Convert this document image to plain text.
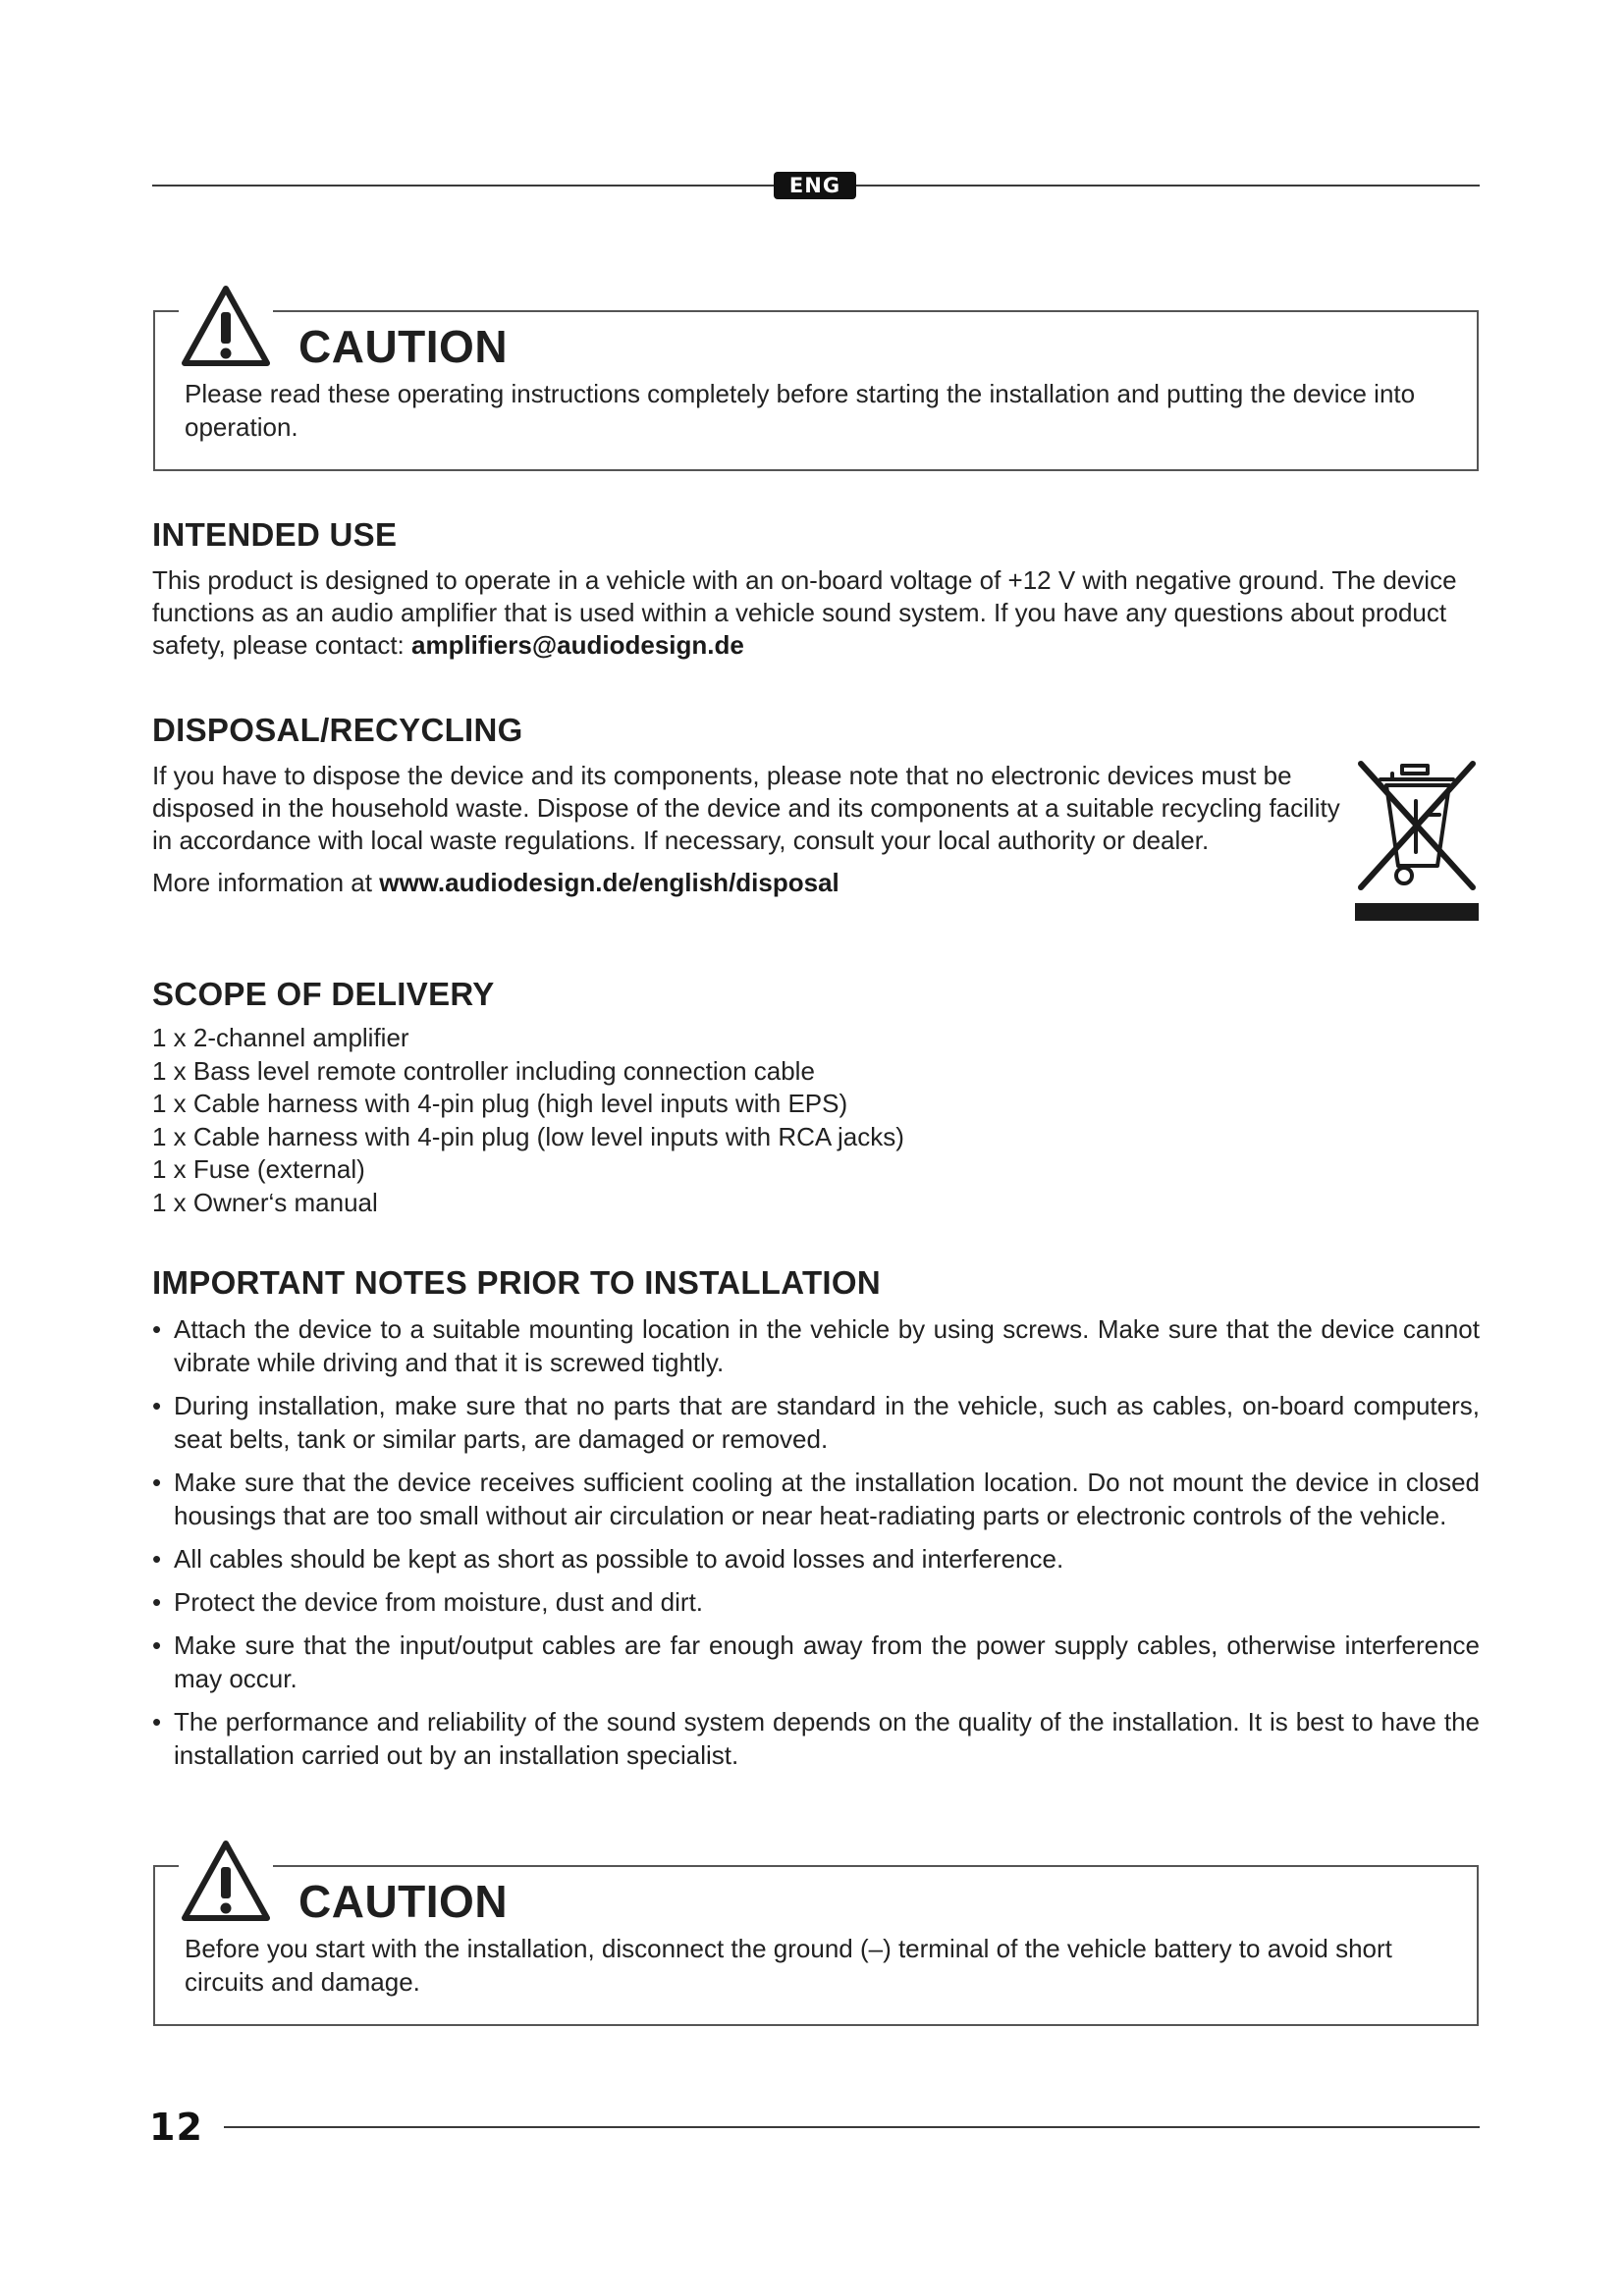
ENG
CAUTION
Please read these operating instructions completely before starting the installation and putting the device into operation.
INTENDED USE

This product is designed to operate in a vehicle with an on-board voltage of +12 V with negative ground. The device functions as an audio amplifier that is used within a vehicle sound system. If you have any questions about product safety, please contact: amplifiers@audiodesign.de

DISPOSAL/RECYCLING

If you have to dispose the device and its components, please note that no electronic devices must be disposed in the household waste. Dispose of the device and its components at a suitable recycling facility in accordance with local waste regulations. If necessary, consult your local authority or dealer.

More information at www.audiodesign.de/english/disposal

SCOPE OF DELIVERY
1 x 2-channel amplifier
1 x Bass level remote controller including connection cable
1 x Cable harness with 4-pin plug (high level inputs with EPS)
1 x Cable harness with 4-pin plug (low level inputs with RCA jacks)
1 x Fuse (external)
1 x Owner‘s manual
IMPORTANT NOTES PRIOR TO INSTALLATION
• Attach the device to a suitable mounting location in the vehicle by using screws. Make sure that the device cannot vibrate while driving and that it is screwed tightly.
• During installation, make sure that no parts that are standard in the vehicle, such as cables, on-board computers, seat belts, tank or similar parts, are damaged or removed.
• Make sure that the device receives sufficient cooling at the installation location. Do not mount the device in closed housings that are too small without air circulation or near heat-radiating parts or electronic controls of the vehicle.
• All cables should be kept as short as possible to avoid losses and interference.
• Protect the device from moisture, dust and dirt.
• Make sure that the input/output cables are far enough away from the power supply cables, otherwise interference may occur.
• The performance and reliability of the sound system depends on the quality of the installation. It is best to have the installation carried out by an installation specialist.
CAUTION
Before you start with the installation, disconnect the ground (–) terminal of the vehicle battery to avoid short circuits and damage.
12
